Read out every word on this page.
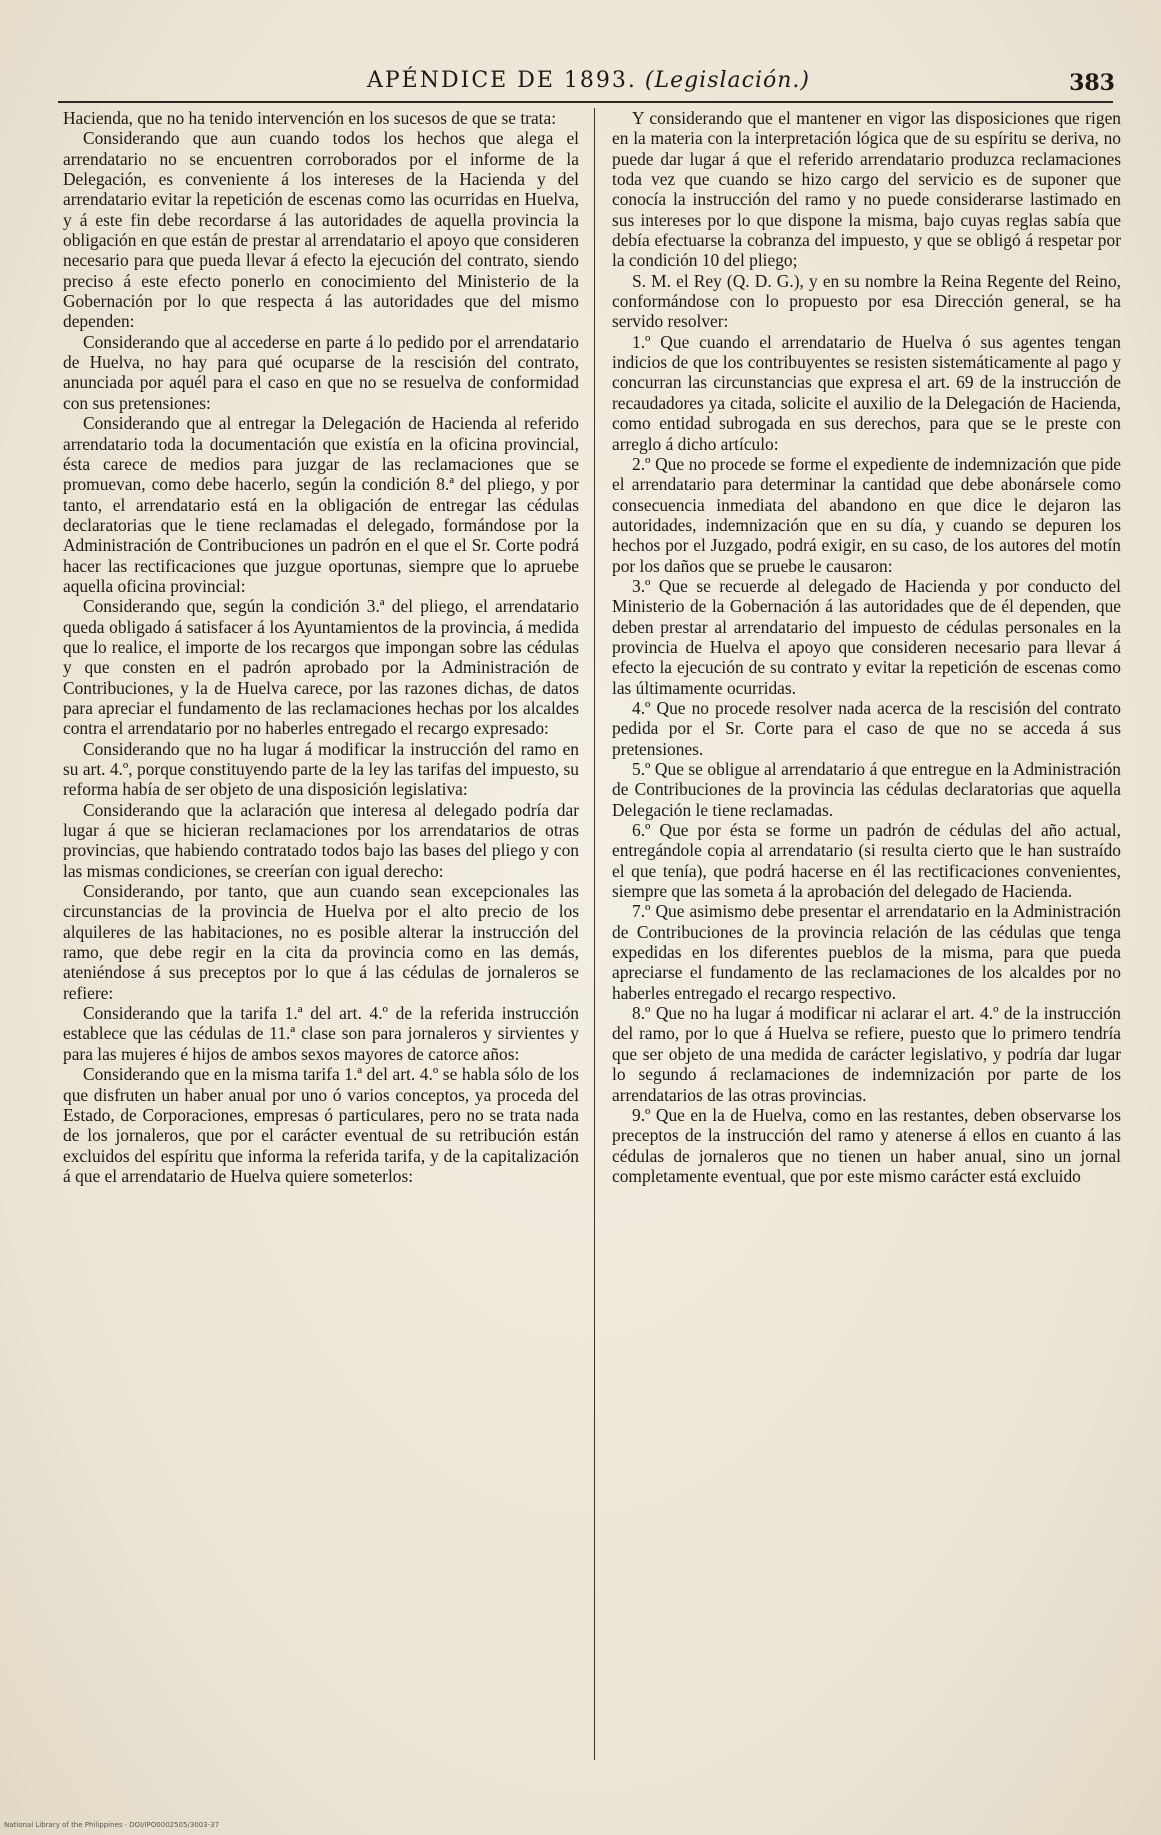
APÉNDICE DE 1893. (Legislación.)	383

Hacienda, que no ha tenido intervención en los sucesos de que se trata:

Considerando que aun cuando todos los hechos que alega el arrendatario no se encuentren corroborados por el informe de la Delegación, es conveniente á los intereses de la Hacienda y del arrendatario evitar la repetición de escenas como las ocurridas en Huelva, y á este fin debe recordarse á las autoridades de aquella provincia la obligación en que están de prestar al arrendatario el apoyo que consideren necesario para que pueda llevar á efecto la ejecución del contrato, siendo preciso á este efecto ponerlo en conocimiento del Ministerio de la Gobernación por lo que respecta á las autoridades que del mismo dependen:

Considerando que al accederse en parte á lo pedido por el arrendatario de Huelva, no hay para qué ocuparse de la rescisión del contrato, anunciada por aquél para el caso en que no se resuelva de conformidad con sus pretensiones:

Considerando que al entregar la Delegación de Hacienda al referido arrendatario toda la documentación que existía en la oficina provincial, ésta carece de medios para juzgar de las reclamaciones que se promuevan, como debe hacerlo, según la condición 8.ª del pliego, y por tanto, el arrendatario está en la obligación de entregar las cédulas declaratorias que le tiene reclamadas el delegado, formándose por la Administración de Contribuciones un padrón en el que el Sr. Corte podrá hacer las rectificaciones que juzgue oportunas, siempre que lo apruebe aquella oficina provincial:

Considerando que, según la condición 3.ª del pliego, el arrendatario queda obligado á satisfacer á los Ayuntamientos de la provincia, á medida que lo realice, el importe de los recargos que impongan sobre las cédulas y que consten en el padrón aprobado por la Administración de Contribuciones, y la de Huelva carece, por las razones dichas, de datos para apreciar el fundamento de las reclamaciones hechas por los alcaldes contra el arrendatario por no haberles entregado el recargo expresado:

Considerando que no ha lugar á modificar la instrucción del ramo en su art. 4.º, porque constituyendo parte de la ley las tarifas del impuesto, su reforma había de ser objeto de una disposición legislativa:

Considerando que la aclaración que interesa al delegado podría dar lugar á que se hicieran reclamaciones por los arrendatarios de otras provincias, que habiendo contratado todos bajo las bases del pliego y con las mismas condiciones, se creerían con igual derecho:

Considerando, por tanto, que aun cuando sean excepcionales las circunstancias de la provincia de Huelva por el alto precio de los alquileres de las habitaciones, no es posible alterar la instrucción del ramo, que debe regir en la cita da provincia como en las demás, ateniéndose á sus preceptos por lo que á las cédulas de jornaleros se refiere:

Considerando que la tarifa 1.ª del art. 4.º de la referida instrucción establece que las cédulas de 11.ª clase son para jornaleros y sirvientes y para las mujeres é hijos de ambos sexos mayores de catorce años:

Considerando que en la misma tarifa 1.ª del art. 4.º se habla sólo de los que disfruten un haber anual por uno ó varios conceptos, ya proceda del Estado, de Corporaciones, empresas ó particulares, pero no se trata nada de los jornaleros, que por el carácter eventual de su retribución están excluidos del espíritu que informa la referida tarifa, y de la capitalización á que el arrendatario de Huelva quiere someterlos:

Y considerando que el mantener en vigor las disposiciones que rigen en la materia con la interpretación lógica que de su espíritu se deriva, no puede dar lugar á que el referido arrendatario produzca reclamaciones toda vez que cuando se hizo cargo del servicio es de suponer que conocía la instrucción del ramo y no puede considerarse lastimado en sus intereses por lo que dispone la misma, bajo cuyas reglas sabía que debía efectuarse la cobranza del impuesto, y que se obligó á respetar por la condición 10 del pliego;

S. M. el Rey (Q. D. G.), y en su nombre la Reina Regente del Reino, conformándose con lo propuesto por esa Dirección general, se ha servido resolver:

1.º Que cuando el arrendatario de Huelva ó sus agentes tengan indicios de que los contribuyentes se resisten sistemáticamente al pago y concurran las circunstancias que expresa el art. 69 de la instrucción de recaudadores ya citada, solicite el auxilio de la Delegación de Hacienda, como entidad subrogada en sus derechos, para que se le preste con arreglo á dicho artículo:

2.º Que no procede se forme el expediente de indemnización que pide el arrendatario para determinar la cantidad que debe abonársele como consecuencia inmediata del abandono en que dice le dejaron las autoridades, indemnización que en su día, y cuando se depuren los hechos por el Juzgado, podrá exigir, en su caso, de los autores del motín por los daños que se pruebe le causaron:

3.º Que se recuerde al delegado de Hacienda y por conducto del Ministerio de la Gobernación á las autoridades que de él dependen, que deben prestar al arrendatario del impuesto de cédulas personales en la provincia de Huelva el apoyo que consideren necesario para llevar á efecto la ejecución de su contrato y evitar la repetición de escenas como las últimamente ocurridas.

4.º Que no procede resolver nada acerca de la rescisión del contrato pedida por el Sr. Corte para el caso de que no se acceda á sus pretensiones.

5.º Que se obligue al arrendatario á que entregue en la Administración de Contribuciones de la provincia las cédulas declaratorias que aquella Delegación le tiene reclamadas.

6.º Que por ésta se forme un padrón de cédulas del año actual, entregándole copia al arrendatario (si resulta cierto que le han sustraído el que tenía), que podrá hacerse en él las rectificaciones convenientes, siempre que las someta á la aprobación del delegado de Hacienda.

7.º Que asimismo debe presentar el arrendatario en la Administración de Contribuciones de la provincia relación de las cédulas que tenga expedidas en los diferentes pueblos de la misma, para que pueda apreciarse el fundamento de las reclamaciones de los alcaldes por no haberles entregado el recargo respectivo.

8.º Que no ha lugar á modificar ni aclarar el art. 4.º de la instrucción del ramo, por lo que á Huelva se refiere, puesto que lo primero tendría que ser objeto de una medida de carácter legislativo, y podría dar lugar lo segundo á reclamaciones de indemnización por parte de los arrendatarios de las otras provincias.

9.º Que en la de Huelva, como en las restantes, deben observarse los preceptos de la instrucción del ramo y atenerse á ellos en cuanto á las cédulas de jornaleros que no tienen un haber anual, sino un jornal completamente eventual, que por este mismo carácter está excluido

National Library of the Philippines · DOI/IPO0002505/3003-37
